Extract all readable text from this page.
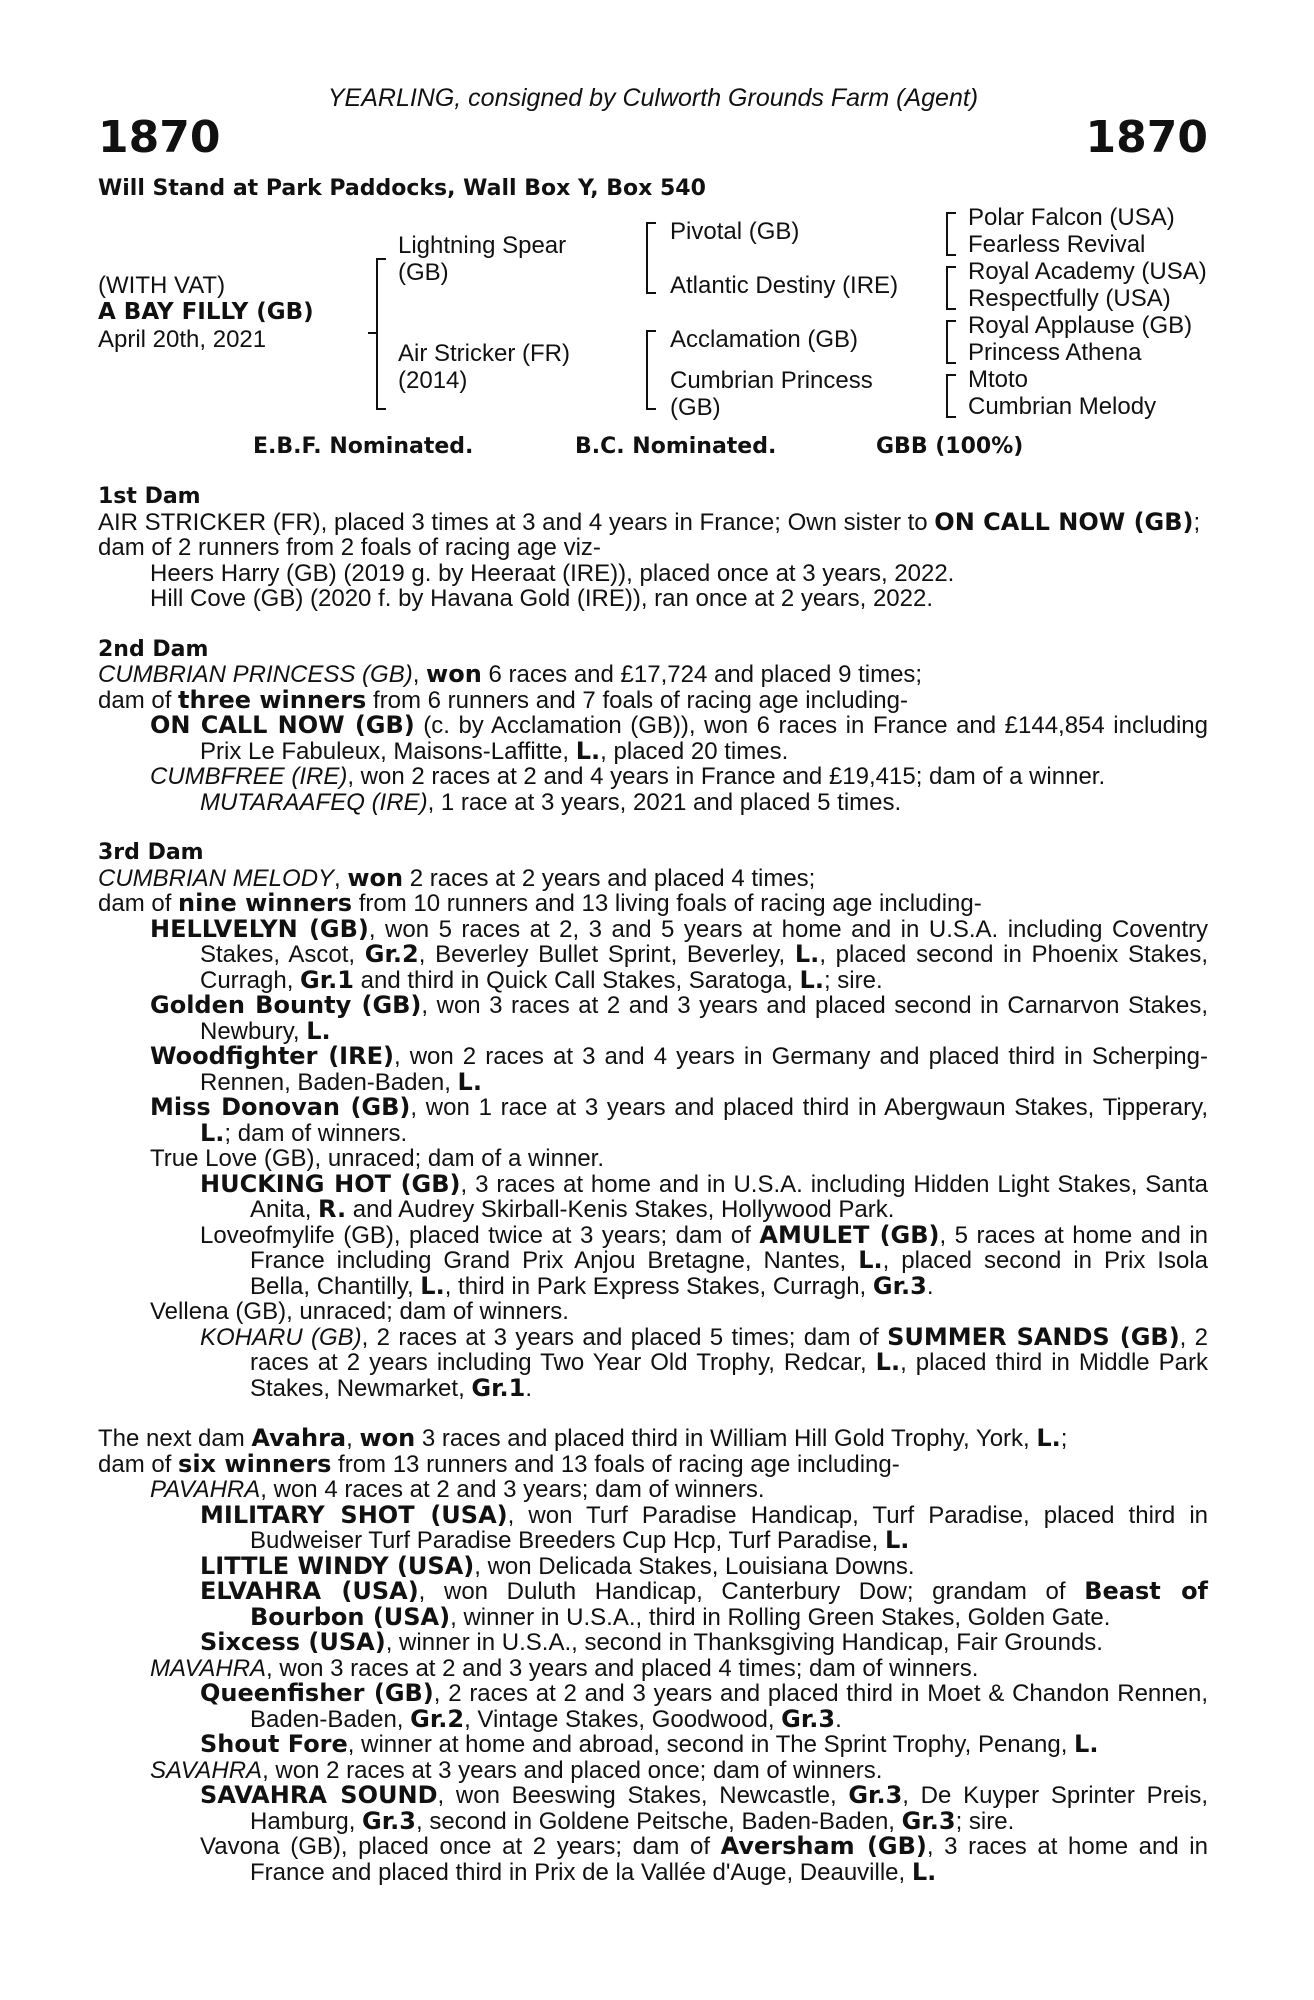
YEARLING, consigned by Culworth Grounds Farm (Agent)
1870	1870
Will Stand at Park Paddocks, Wall Box Y, Box 540
(WITH VAT)
A BAY FILLY (GB)
April 20th, 2021
Lightning Spear
(GB)
Air Stricker (FR)
(2014)
Pivotal (GB)
Atlantic Destiny (IRE)
Acclamation (GB)
Cumbrian Princess
(GB)
Polar Falcon (USA)
Fearless Revival
Royal Academy (USA)
Respectfully (USA)
Royal Applause (GB)
Princess Athena
Mtoto
Cumbrian Melody
E.B.F. Nominated.	B.C. Nominated.	GBB (100%)

1st Dam

AIR STRICKER (FR), placed 3 times at 3 and 4 years in France; Own sister to ON CALL NOW (GB);

dam of 2 runners from 2 foals of racing age viz-

Heers Harry (GB) (2019 g. by Heeraat (IRE)), placed once at 3 years, 2022.

Hill Cove (GB) (2020 f. by Havana Gold (IRE)), ran once at 2 years, 2022.

2nd Dam

CUMBRIAN PRINCESS (GB), won 6 races and £17,724 and placed 9 times;

dam of three winners from 6 runners and 7 foals of racing age including-

ON CALL NOW (GB) (c. by Acclamation (GB)), won 6 races in France and £144,854 including Prix Le Fabuleux, Maisons-Laffitte, L., placed 20 times.

CUMBFREE (IRE), won 2 races at 2 and 4 years in France and £19,415; dam of a winner.

MUTARAAFEQ (IRE), 1 race at 3 years, 2021 and placed 5 times.

3rd Dam

CUMBRIAN MELODY, won 2 races at 2 years and placed 4 times;

dam of nine winners from 10 runners and 13 living foals of racing age including-

HELLVELYN (GB), won 5 races at 2, 3 and 5 years at home and in U.S.A. including Coventry Stakes, Ascot, Gr.2, Beverley Bullet Sprint, Beverley, L., placed second in Phoenix Stakes, Curragh, Gr.1 and third in Quick Call Stakes, Saratoga, L.; sire.

Golden Bounty (GB), won 3 races at 2 and 3 years and placed second in Carnarvon Stakes, Newbury, L.

Woodfighter (IRE), won 2 races at 3 and 4 years in Germany and placed third in Scherping-Rennen, Baden-Baden, L.

Miss Donovan (GB), won 1 race at 3 years and placed third in Abergwaun Stakes, Tipperary, L.; dam of winners.

True Love (GB), unraced; dam of a winner.

HUCKING HOT (GB), 3 races at home and in U.S.A. including Hidden Light Stakes, Santa Anita, R. and Audrey Skirball-Kenis Stakes, Hollywood Park.

Loveofmylife (GB), placed twice at 3 years; dam of AMULET (GB), 5 races at home and in France including Grand Prix Anjou Bretagne, Nantes, L., placed second in Prix Isola Bella, Chantilly, L., third in Park Express Stakes, Curragh, Gr.3.

Vellena (GB), unraced; dam of winners.

KOHARU (GB), 2 races at 3 years and placed 5 times; dam of SUMMER SANDS (GB), 2 races at 2 years including Two Year Old Trophy, Redcar, L., placed third in Middle Park Stakes, Newmarket, Gr.1.

The next dam Avahra, won 3 races and placed third in William Hill Gold Trophy, York, L.;

dam of six winners from 13 runners and 13 foals of racing age including-

PAVAHRA, won 4 races at 2 and 3 years; dam of winners.

MILITARY SHOT (USA), won Turf Paradise Handicap, Turf Paradise, placed third in Budweiser Turf Paradise Breeders Cup Hcp, Turf Paradise, L.

LITTLE WINDY (USA), won Delicada Stakes, Louisiana Downs.

ELVAHRA (USA), won Duluth Handicap, Canterbury Dow; grandam of Beast of Bourbon (USA), winner in U.S.A., third in Rolling Green Stakes, Golden Gate.

Sixcess (USA), winner in U.S.A., second in Thanksgiving Handicap, Fair Grounds.

MAVAHRA, won 3 races at 2 and 3 years and placed 4 times; dam of winners.

Queenfisher (GB), 2 races at 2 and 3 years and placed third in Moet & Chandon Rennen, Baden-Baden, Gr.2, Vintage Stakes, Goodwood, Gr.3.

Shout Fore, winner at home and abroad, second in The Sprint Trophy, Penang, L.

SAVAHRA, won 2 races at 3 years and placed once; dam of winners.

SAVAHRA SOUND, won Beeswing Stakes, Newcastle, Gr.3, De Kuyper Sprinter Preis, Hamburg, Gr.3, second in Goldene Peitsche, Baden-Baden, Gr.3; sire.

Vavona (GB), placed once at 2 years; dam of Aversham (GB), 3 races at home and in France and placed third in Prix de la Vallée d'Auge, Deauville, L.
